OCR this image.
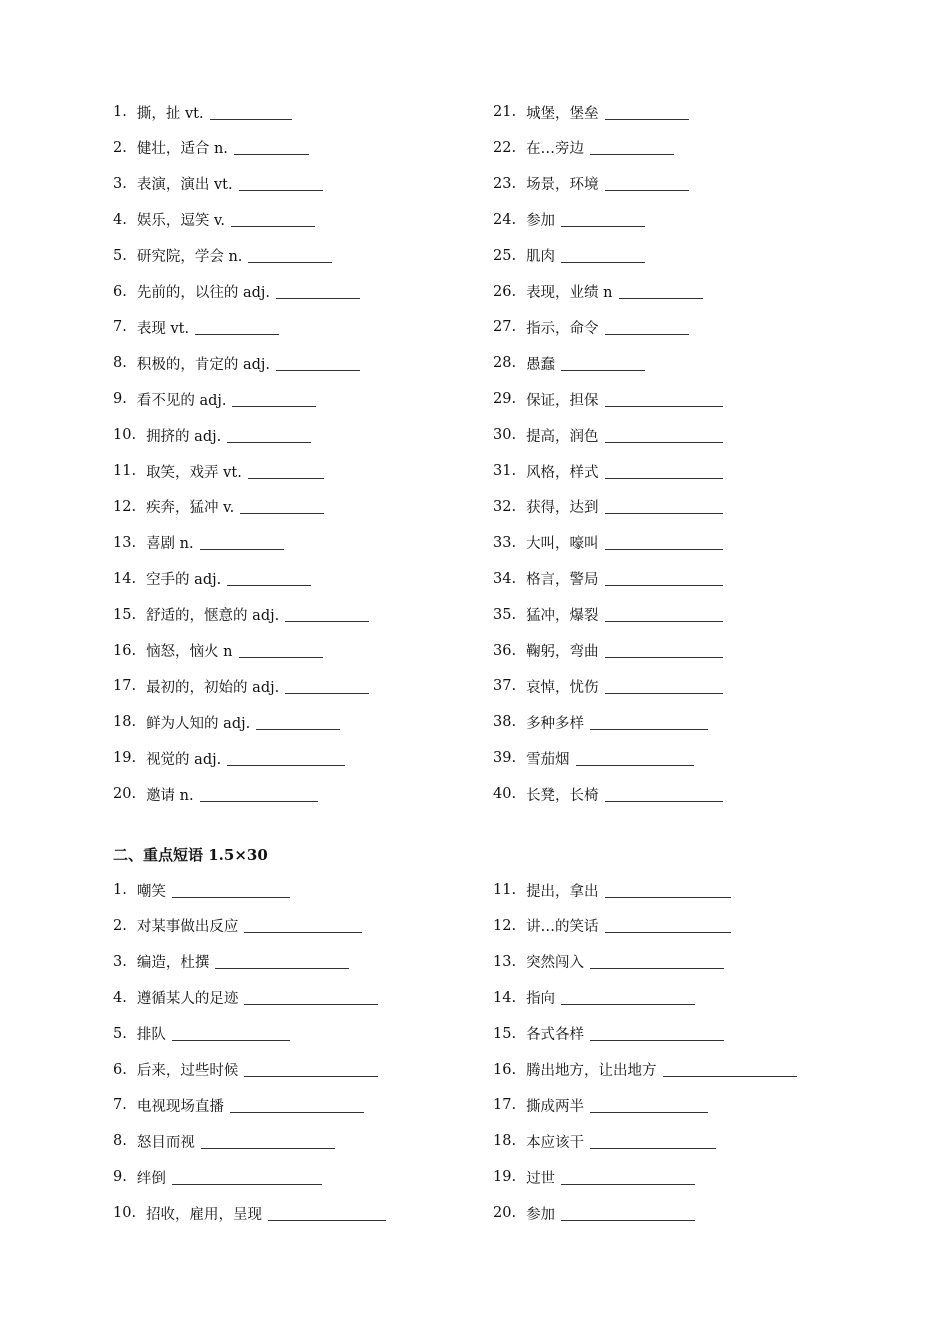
1. 撕，扯 vt.
2. 健壮，适合 n.
3. 表演，演出 vt.
4. 娱乐，逗笑 v.
5. 研究院，学会 n.
6. 先前的，以往的 adj.
7. 表现 vt.
8. 积极的，肯定的 adj.
9. 看不见的 adj.
10. 拥挤的 adj.
11. 取笑，戏弄 vt.
12. 疾奔，猛冲 v.
13. 喜剧 n.
14. 空手的 adj.
15. 舒适的，惬意的 adj.
16. 恼怒，恼火 n
17. 最初的，初始的 adj.
18. 鲜为人知的 adj.
19. 视觉的 adj.
20. 邀请 n.
21. 城堡，堡垒
22. 在…旁边
23. 场景，环境
24. 参加
25. 肌肉
26. 表现，业绩 n
27. 指示，命令
28. 愚蠢
29. 保证，担保
30. 提高，润色
31. 风格，样式
32. 获得，达到
33. 大叫，嚎叫
34. 格言，警局
35. 猛冲，爆裂
36. 鞠躬，弯曲
37. 哀悼，忧伤
38. 多种多样
39. 雪茄烟
40. 长凳，长椅
二、重点短语 1.5×30
1. 嘲笑
2. 对某事做出反应
3. 编造，杜撰
4. 遵循某人的足迹
5. 排队
6. 后来，过些时候
7. 电视现场直播
8. 怒目而视
9. 绊倒
10. 招收，雇用，呈现
11. 提出，拿出
12. 讲…的笑话
13. 突然闯入
14. 指向
15. 各式各样
16. 腾出地方，让出地方
17. 撕成两半
18. 本应该干
19. 过世
20. 参加
